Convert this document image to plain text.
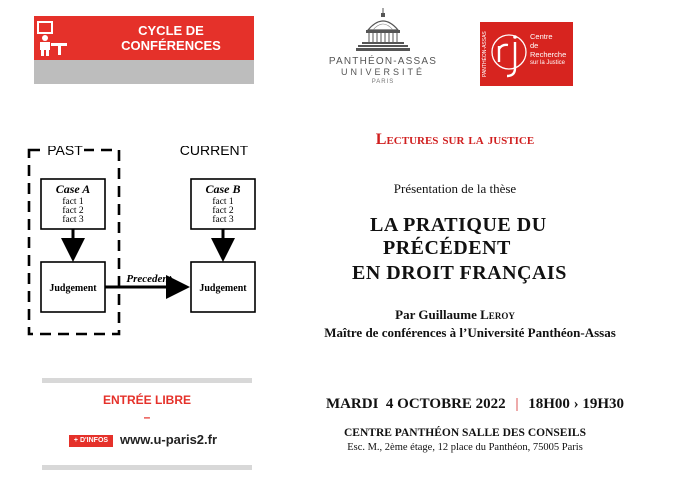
CYCLE DE
CONFÉRENCES
PANTHÉON-ASSAS
UNIVERSITÉ
PARIS
PANTHÉON-ASSAS	Centre
de
Recherche
sur la Justice
PAST	CURRENT
Case A
fact 1
fact 2
fact 3
Case B
fact 1
fact 2
fact 3
Judgement	Judgement
Precedent
Lectures sur la justice
Présentation de la thèse
LA PRATIQUE DU
PRÉCÉDENT
EN DROIT FRANÇAIS
Par Guillaume Leroy
Maître de conférences à l’Université Panthéon-Assas
ENTRÉE LIBRE
–
+ D'INFOS www.u-paris2.fr
MARDI  4 OCTOBRE 2022 | 18H00 › 19H30
CENTRE PANTHÉON SALLE DES CONSEILS
Esc. M., 2ème étage, 12 place du Panthéon, 75005 Paris
